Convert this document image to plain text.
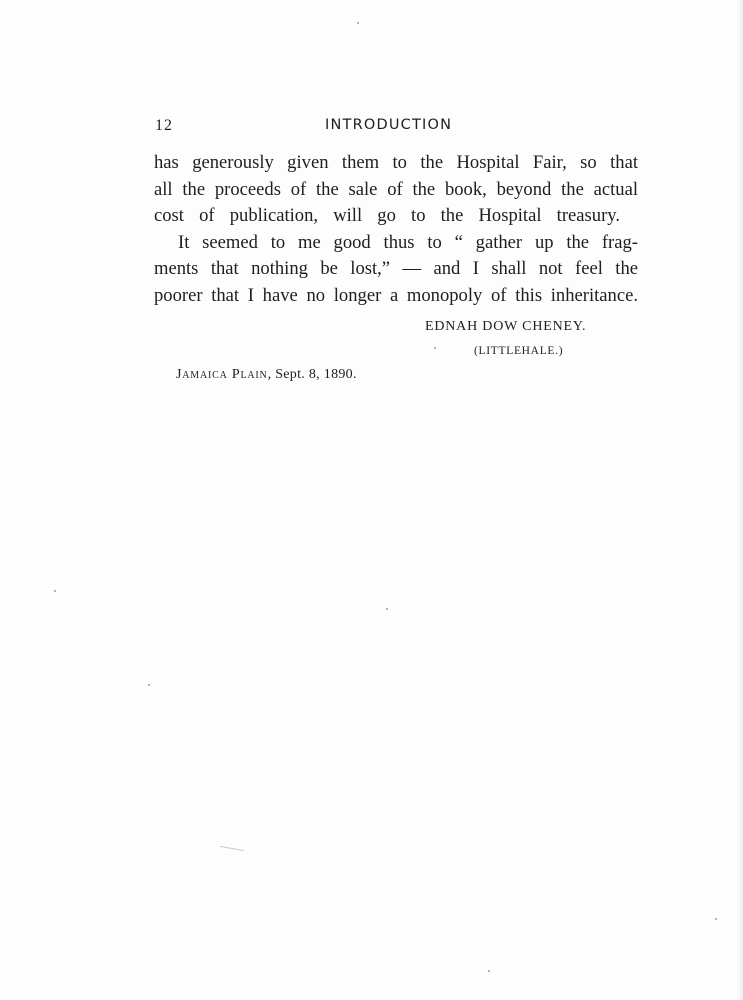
12	INTRODUCTION
has generously given them to the Hospital Fair, so that
all the proceeds of the sale of the book, beyond the actual
cost of publication, will go to the Hospital treasury.
It seemed to me good thus to “ gather up the frag-
ments that nothing be lost,” — and I shall not feel the
poorer that I have no longer a monopoly of this inheritance.
EDNAH DOW CHENEY.
(LITTLEHALE.)
Jamaica Plain, Sept. 8, 1890.
